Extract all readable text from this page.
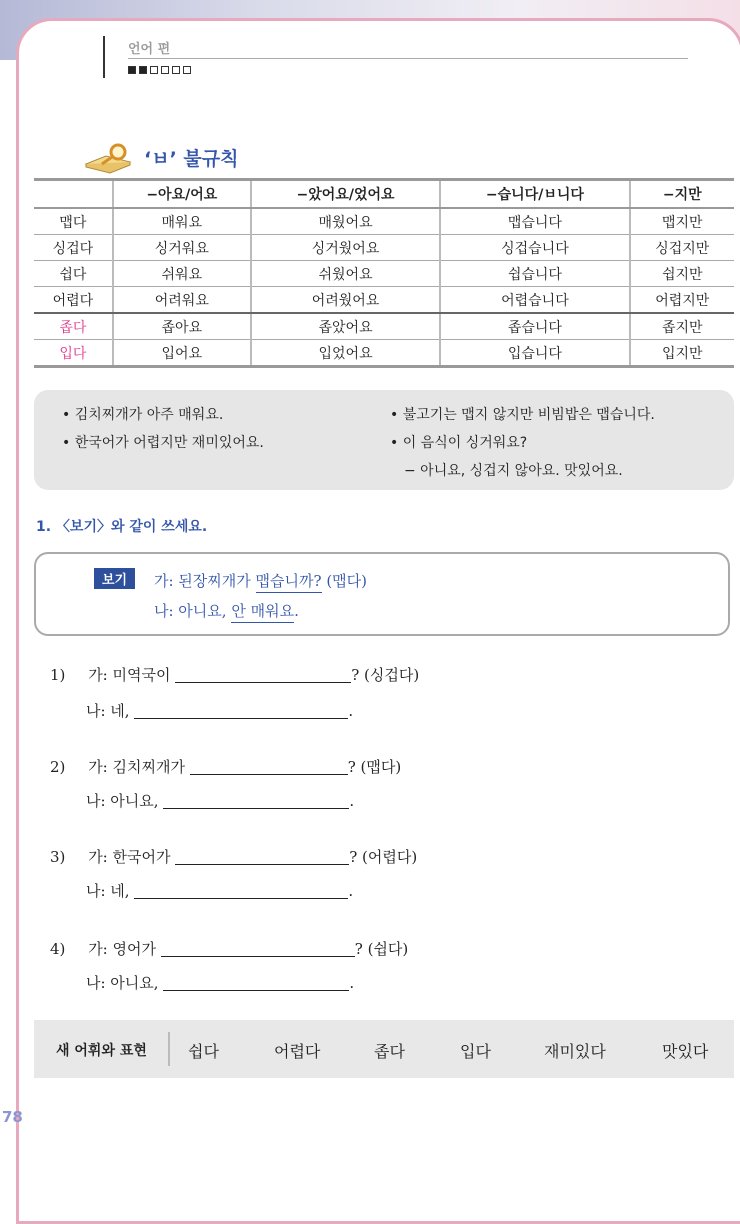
언어 편
‘ㅂ’ 불규칙
	−아요/어요	−았어요/었어요	−습니다/ㅂ니다	−지만
맵다	매워요	매웠어요	맵습니다	맵지만
싱겁다	싱거워요	싱거웠어요	싱겁습니다	싱겁지만
쉽다	쉬워요	쉬웠어요	쉽습니다	쉽지만
어렵다	어려워요	어려웠어요	어렵습니다	어렵지만
좁다	좁아요	좁았어요	좁습니다	좁지만
입다	입어요	입었어요	입습니다	입지만
• 김치찌개가 아주 매워요.
• 한국어가 어렵지만 재미있어요.
• 불고기는 맵지 않지만 비빔밥은 맵습니다.
• 이 음식이 싱거워요?
− 아니요, 싱겁지 않아요. 맛있어요.
1. 〈보기〉와 같이 쓰세요.
보기	가: 된장찌개가 맵습니까? (맵다)
나: 아니요, 안 매워요.
1) 가: 미역국이	? (싱겁다)
나: 네,	.
2) 가: 김치찌개가	? (맵다)
나: 아니요,	.
3) 가: 한국어가	? (어렵다)
나: 네,	.
4) 가: 영어가	? (쉽다)
나: 아니요,	.
새 어휘와 표현	쉽다	어렵다	좁다	입다	재미있다	맛있다
78
